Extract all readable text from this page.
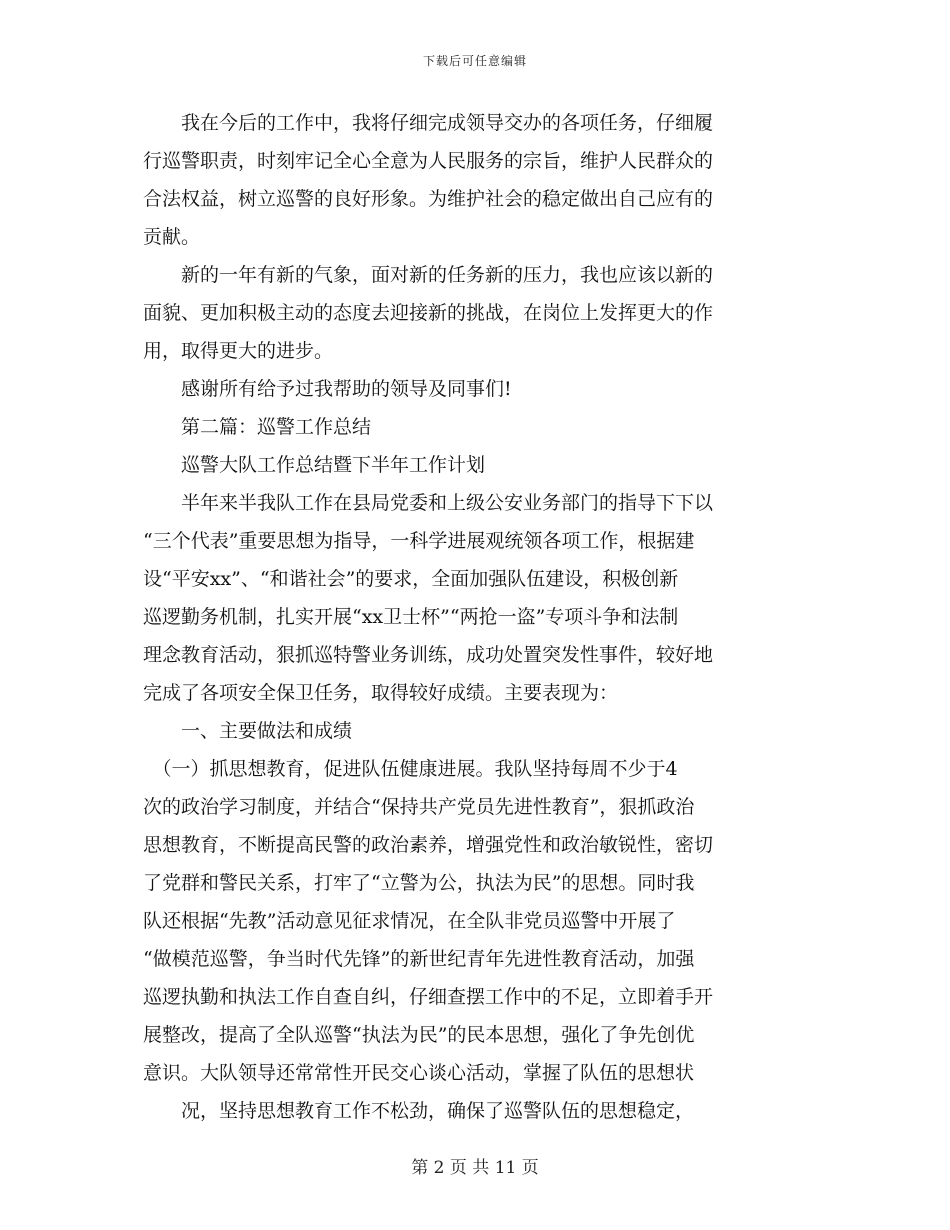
下载后可任意编辑
　　我在今后的工作中，我将仔细完成领导交办的各项任务，仔细履
行巡警职责，时刻牢记全心全意为人民服务的宗旨，维护人民群众的
合法权益，树立巡警的良好形象。为维护社会的稳定做出自己应有的
贡献。
　　新的一年有新的气象，面对新的任务新的压力，我也应该以新的
面貌、更加积极主动的态度去迎接新的挑战，在岗位上发挥更大的作
用，取得更大的进步。
　　感谢所有给予过我帮助的领导及同事们!
　　第二篇：巡警工作总结
　　巡警大队工作总结暨下半年工作计划
　　半年来半我队工作在县局党委和上级公安业务部门的指导下下以
“三个代表”重要思想为指导，一科学进展观统领各项工作，根据建
设“平安xx”、“和谐社会”的要求，全面加强队伍建设，积极创新
巡逻勤务机制，扎实开展“xx卫士杯”“两抢一盗”专项斗争和法制
理念教育活动，狠抓巡特警业务训练，成功处置突发性事件，较好地
完成了各项安全保卫任务，取得较好成绩。主要表现为：
　　一、主要做法和成绩
　（一）抓思想教育，促进队伍健康进展。我队坚持每周不少于4
次的政治学习制度，并结合“保持共产党员先进性教育”，狠抓政治
思想教育，不断提高民警的政治素养，增强党性和政治敏锐性，密切
了党群和警民关系，打牢了“立警为公，执法为民”的思想。同时我
队还根据“先教”活动意见征求情况，在全队非党员巡警中开展了
“做模范巡警，争当时代先锋”的新世纪青年先进性教育活动，加强
巡逻执勤和执法工作自查自纠，仔细查摆工作中的不足，立即着手开
展整改，提高了全队巡警“执法为民”的民本思想，强化了争先创优
意识。大队领导还常常性开民交心谈心活动，掌握了队伍的思想状
　　况，坚持思想教育工作不松劲，确保了巡警队伍的思想稳定，
第 2 页 共 11 页
